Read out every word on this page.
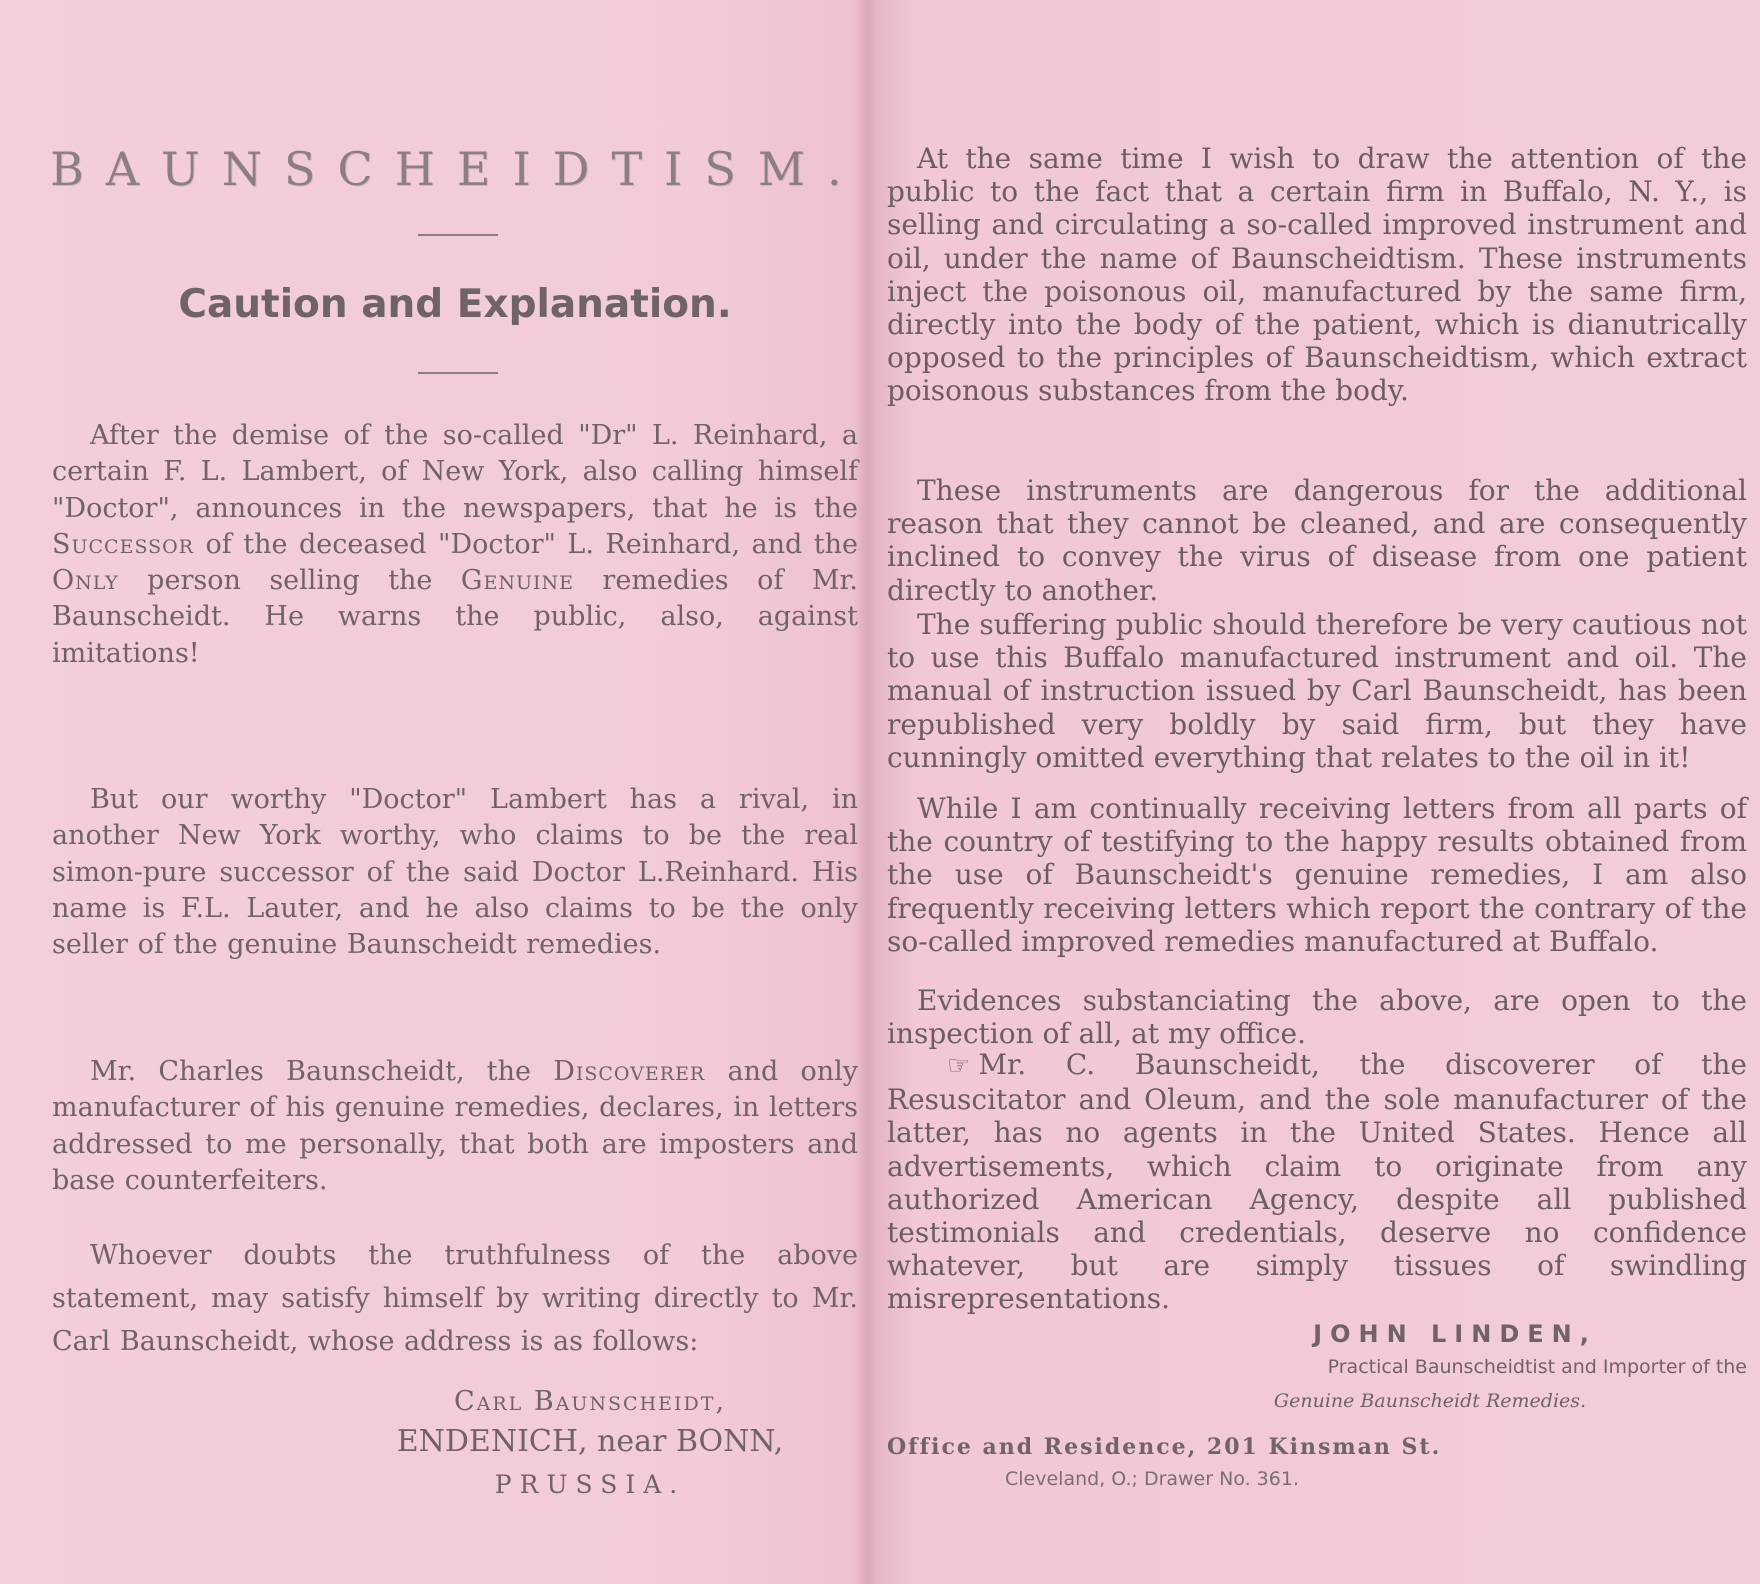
BAUNSCHEIDTISM.
Caution and Explanation.
After the demise of the so-called "Dr" L. Reinhard, a certain F. L. Lambert, of New York, also calling himself "Doctor", announces in the newspapers, that he is the Successor of the deceased "Doctor" L. Reinhard, and the Only person selling the Genuine remedies of Mr. Baunscheidt. He warns the public, also, against imitations!
But our worthy "Doctor" Lambert has a rival, in another New York worthy, who claims to be the real simon-pure successor of the said Doctor L.Reinhard. His name is F.L. Lauter, and he also claims to be the only seller of the genuine Baunscheidt remedies.
Mr. Charles Baunscheidt, the Discoverer and only manufacturer of his genuine remedies, declares, in letters addressed to me personally, that both are imposters and base counterfeiters.
Whoever doubts the truthfulness of the above statement, may satisfy himself by writing directly to Mr. Carl Baunscheidt, whose address is as follows:
Carl Baunscheidt,
ENDENICH, near BONN,
PRUSSIA.
At the same time I wish to draw the attention of the public to the fact that a certain firm in Buffalo, N. Y., is selling and circulating a so-called improved instrument and oil, under the name of Baunscheidtism. These instruments inject the poisonous oil, manufactured by the same firm, directly into the body of the patient, which is dianutrically opposed to the principles of Baunscheidtism, which extract poisonous substances from the body.
These instruments are dangerous for the additional reason that they cannot be cleaned, and are consequently inclined to convey the virus of disease from one patient directly to another.
The suffering public should therefore be very cautious not to use this Buffalo manufactured instrument and oil. The manual of instruction issued by Carl Baunscheidt, has been republished very boldly by said firm, but they have cunningly omitted everything that relates to the oil in it!
While I am continually receiving letters from all parts of the country of testifying to the happy results obtained from the use of Baunscheidt's genuine remedies, I am also frequently receiving letters which report the contrary of the so-called improved remedies manufactured at Buffalo.
Evidences substanciating the above, are open to the inspection of all, at my office.
☞ Mr. C. Baunscheidt, the discoverer of the Resuscitator and Oleum, and the sole manufacturer of the latter, has no agents in the United States. Hence all advertisements, which claim to originate from any authorized American Agency, despite all published testimonials and credentials, deserve no confidence whatever, but are simply tissues of swindling misrepresentations.
JOHN LINDEN,
Practical Baunscheidtist and Importer of the
Genuine Baunscheidt Remedies.
Office and Residence, 201 Kinsman St.
Cleveland, O.; Drawer No. 361.
